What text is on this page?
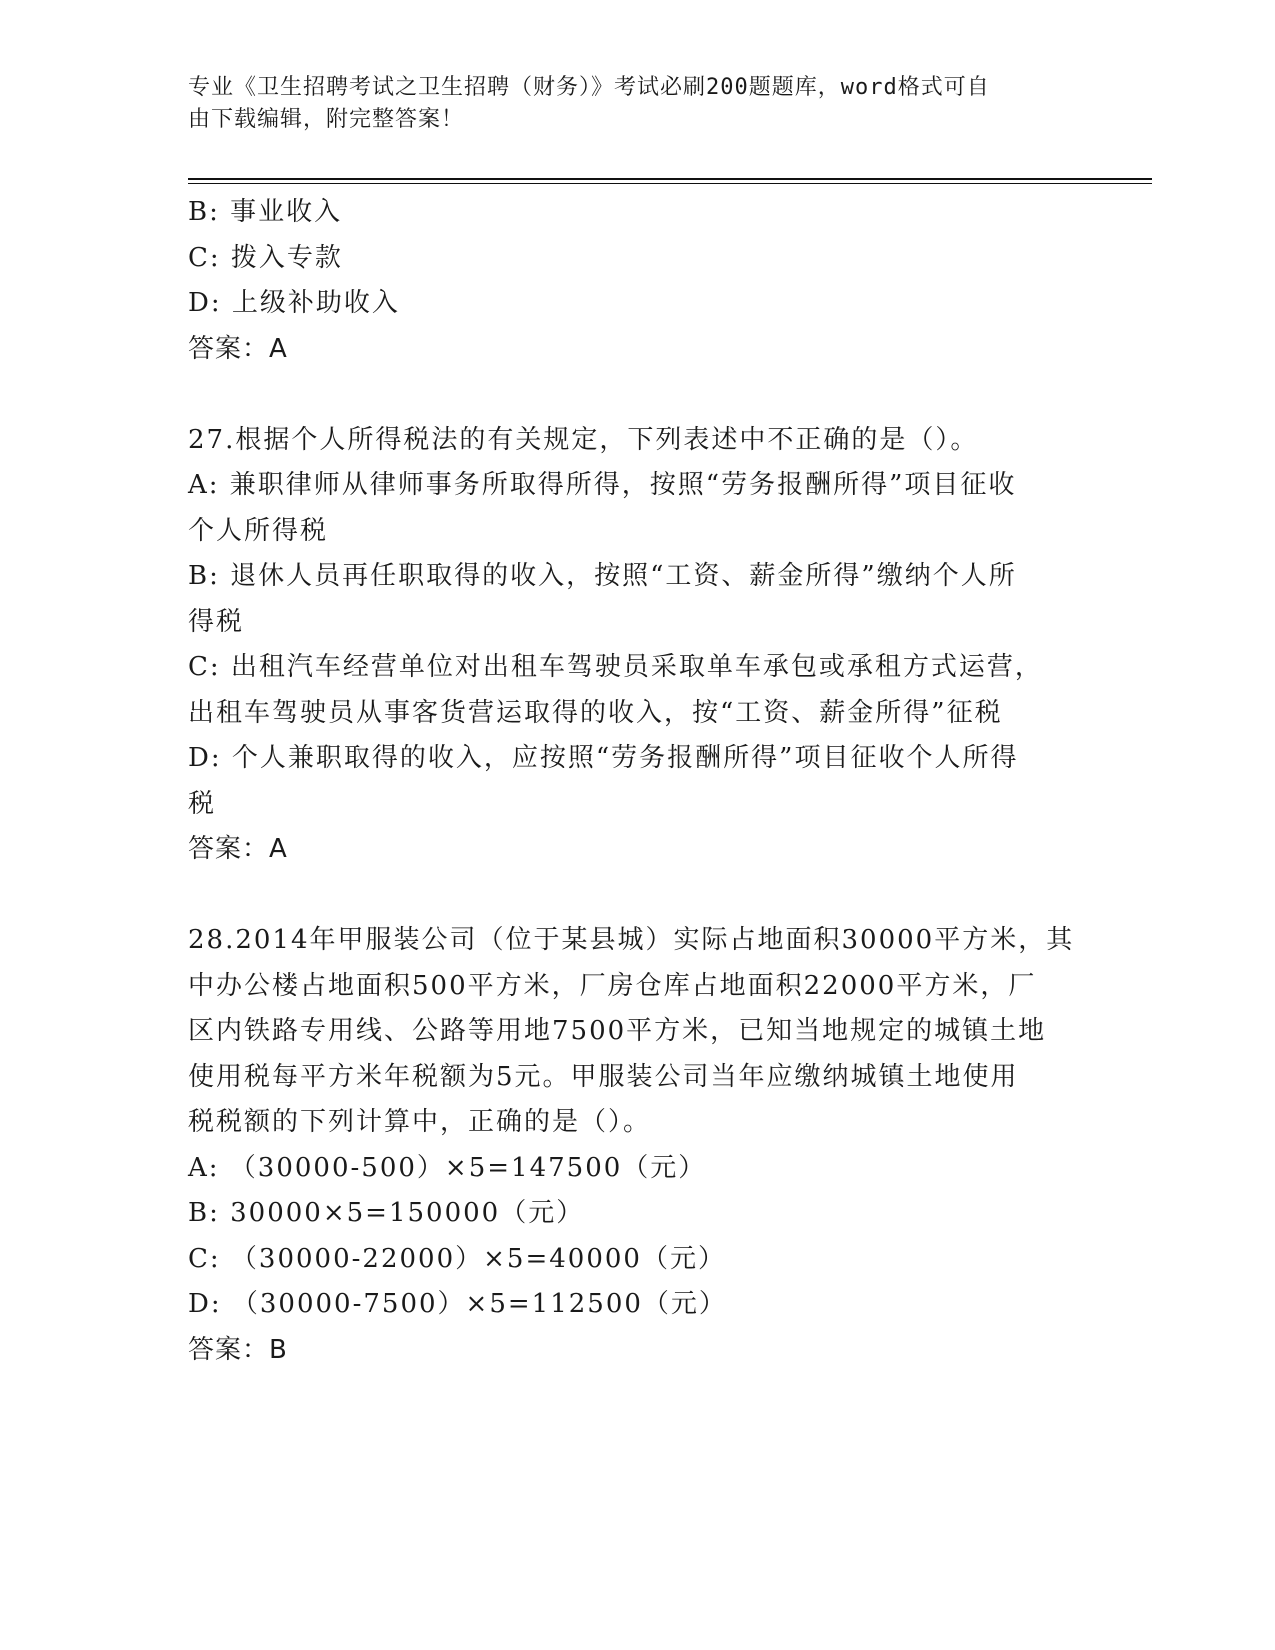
专业《卫生招聘考试之卫生招聘（财务）》考试必刷200题题库，word格式可自
由下载编辑，附完整答案！
B: 事业收入
C: 拨入专款
D: 上级补助收入
答案：A
27.根据个人所得税法的有关规定，下列表述中不正确的是（）。
A: 兼职律师从律师事务所取得所得，按照“劳务报酬所得”项目征收
个人所得税
B: 退休人员再任职取得的收入，按照“工资、薪金所得”缴纳个人所
得税
C: 出租汽车经营单位对出租车驾驶员采取单车承包或承租方式运营，
出租车驾驶员从事客货营运取得的收入，按“工资、薪金所得”征税
D: 个人兼职取得的收入，应按照“劳务报酬所得”项目征收个人所得
税
答案：A
28.2014年甲服装公司（位于某县城）实际占地面积30000平方米，其
中办公楼占地面积500平方米，厂房仓库占地面积22000平方米，厂
区内铁路专用线、公路等用地7500平方米，已知当地规定的城镇土地
使用税每平方米年税额为5元。甲服装公司当年应缴纳城镇土地使用
税税额的下列计算中，正确的是（）。
A: （30000-500）×5=147500（元）
B: 30000×5=150000（元）
C: （30000-22000）×5=40000（元）
D: （30000-7500）×5=112500（元）
答案：B
